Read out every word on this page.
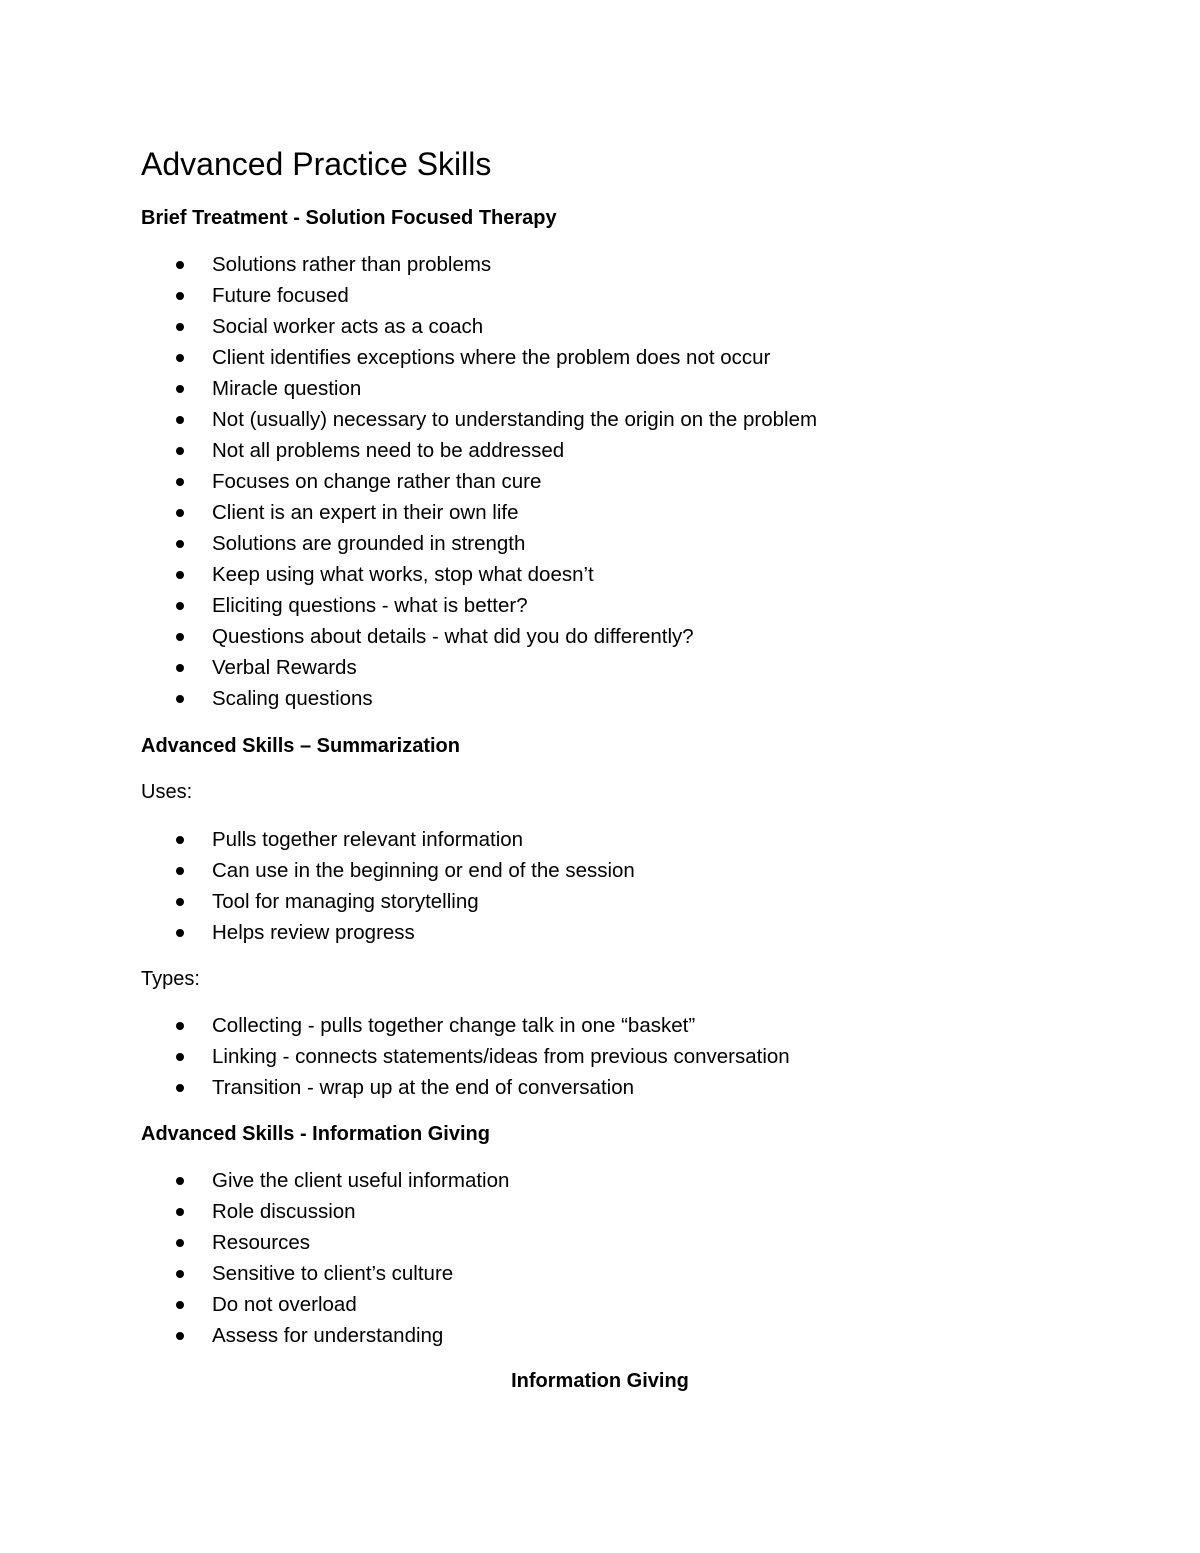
Advanced Practice Skills
Brief Treatment - Solution Focused Therapy
Solutions rather than problems
Future focused
Social worker acts as a coach
Client identifies exceptions where the problem does not occur
Miracle question
Not (usually) necessary to understanding the origin on the problem
Not all problems need to be addressed
Focuses on change rather than cure
Client is an expert in their own life
Solutions are grounded in strength
Keep using what works, stop what doesn’t
Eliciting questions - what is better?
Questions about details - what did you do differently?
Verbal Rewards
Scaling questions
Advanced Skills – Summarization

Uses:

Pulls together relevant information
Can use in the beginning or end of the session
Tool for managing storytelling
Helps review progress

Types:

Collecting - pulls together change talk in one “basket”
Linking - connects statements/ideas from previous conversation
Transition - wrap up at the end of conversation
Advanced Skills - Information Giving
Give the client useful information
Role discussion
Resources
Sensitive to client’s culture
Do not overload
Assess for understanding
Information Giving
